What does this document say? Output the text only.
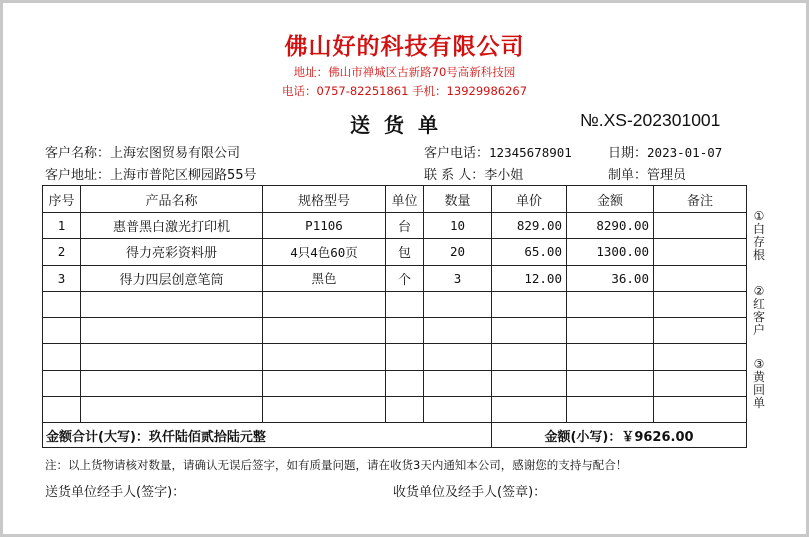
佛山好的科技有限公司
地址：佛山市禅城区古新路70号高新科技园
电话：0757-82251861 手机：13929986267
送货单	№.XS-202301001
客户名称：上海宏图贸易有限公司	客户电话：12345678901	日期：2023-01-07
客户地址：上海市普陀区柳园路55号	联 系 人：李小姐	制单：管理员
序号	产品名称	规格型号	单位	数量	单价	金额	备注
1	惠普黑白激光打印机	P1106	台	10	829.00	8290.00	
2	得力亮彩资料册	4只4色60页	包	20	65.00	1300.00	
3	得力四层创意笔筒	黑色	个	3	12.00	36.00	

金额合计(大写)：玖仟陆佰贰拾陆元整					金额(小写)：￥9626.00		
①白存根
②红客户
③黄回单
注：以上货物请核对数量，请确认无误后签字，如有质量问题，请在收货3天内通知本公司，感谢您的支持与配合！
送货单位经手人(签字)：	收货单位及经手人(签章)：
